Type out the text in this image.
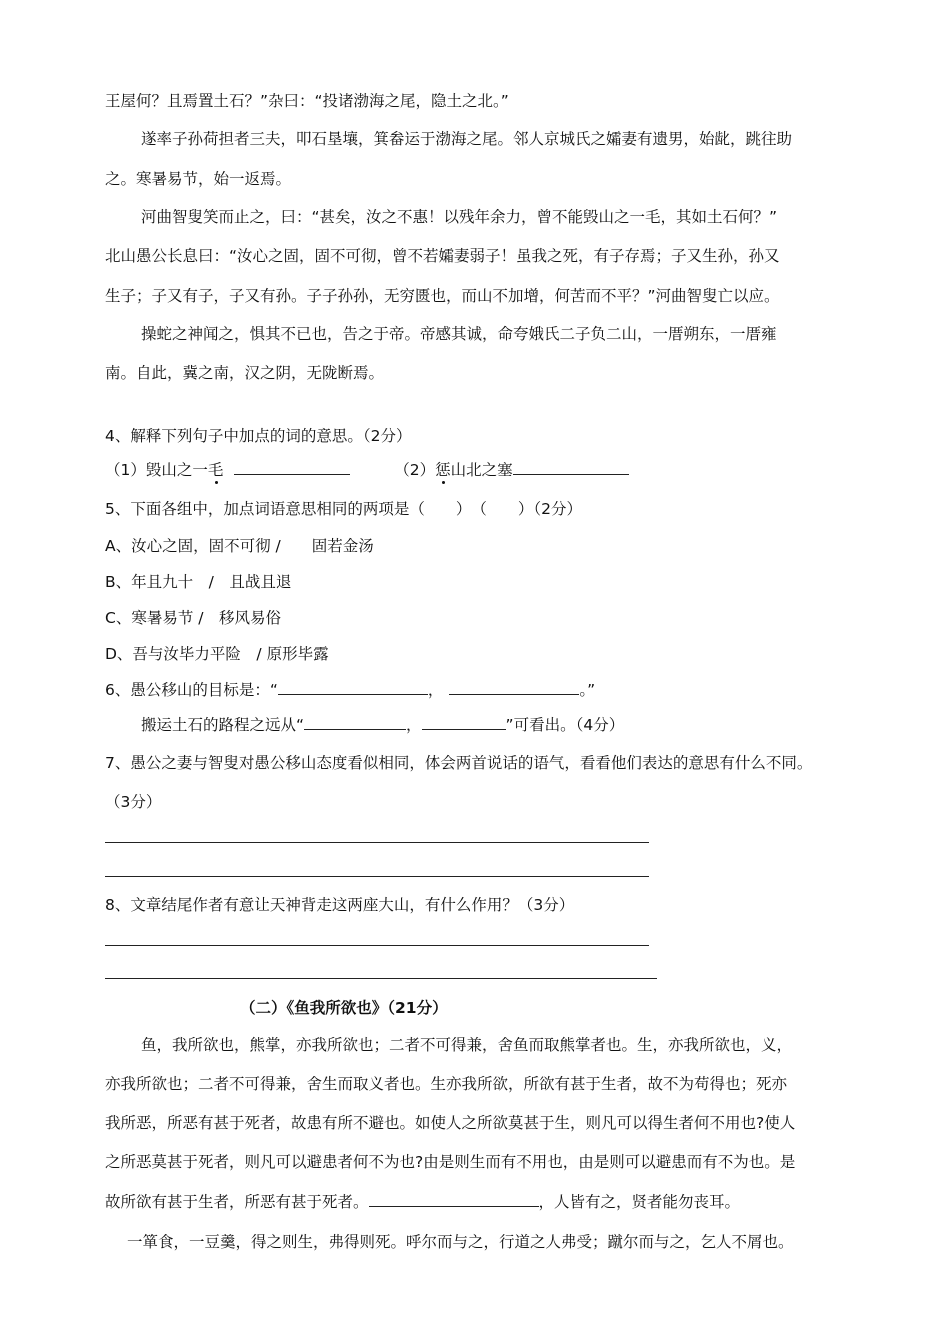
王屋何？且焉置土石？”杂曰：“投诸渤海之尾，隐土之北。”
遂率子孙荷担者三夫，叩石垦壤，箕畚运于渤海之尾。邻人京城氏之孀妻有遗男，始龀，跳往助
之。寒暑易节，始一返焉。
河曲智叟笑而止之，曰：“甚矣，汝之不惠！以残年余力，曾不能毁山之一毛，其如土石何？”
北山愚公长息曰：“汝心之固，固不可彻，曾不若孀妻弱子！虽我之死，有子存焉；子又生孙，孙又
生子；子又有子，子又有孙。子子孙孙，无穷匮也，而山不加增，何苦而不平？”河曲智叟亡以应。
操蛇之神闻之，惧其不已也，告之于帝。帝感其诚，命夸娥氏二子负二山，一厝朔东，一厝雍
南。自此，冀之南，汉之阴，无陇断焉。
4、解释下列句子中加点的词的意思。（2分）
（1）毁山之一毛	（2）惩山北之塞
5、下面各组中，加点词语意思相同的两项是（　　）　（　　）（2分）
A、汝心之固，固不可彻 /　　固若金汤
B、年且九十　/　且战且退
C、寒暑易节 /　移风易俗
D、吾与汝毕力平险　/ 原形毕露
6、愚公移山的目标是：“	，	。”
搬运土石的路程之远从“	，	”可看出。（4分）
7、愚公之妻与智叟对愚公移山态度看似相同，体会两首说话的语气，看看他们表达的意思有什么不同。
（3分）
8、文章结尾作者有意让天神背走这两座大山，有什么作用？（3分）
（二）《鱼我所欲也》（21分）
鱼，我所欲也，熊掌，亦我所欲也；二者不可得兼，舍鱼而取熊掌者也。生，亦我所欲也，义，
亦我所欲也；二者不可得兼，舍生而取义者也。生亦我所欲，所欲有甚于生者，故不为苟得也；死亦
我所恶，所恶有甚于死者，故患有所不避也。如使人之所欲莫甚于生，则凡可以得生者何不用也?使人
之所恶莫甚于死者，则凡可以避患者何不为也?由是则生而有不用也，由是则可以避患而有不为也。是
故所欲有甚于生者，所恶有甚于死者。	，人皆有之，贤者能勿丧耳。
一箪食，一豆羹，得之则生，弗得则死。呼尔而与之，行道之人弗受；蹴尔而与之，乞人不屑也。
